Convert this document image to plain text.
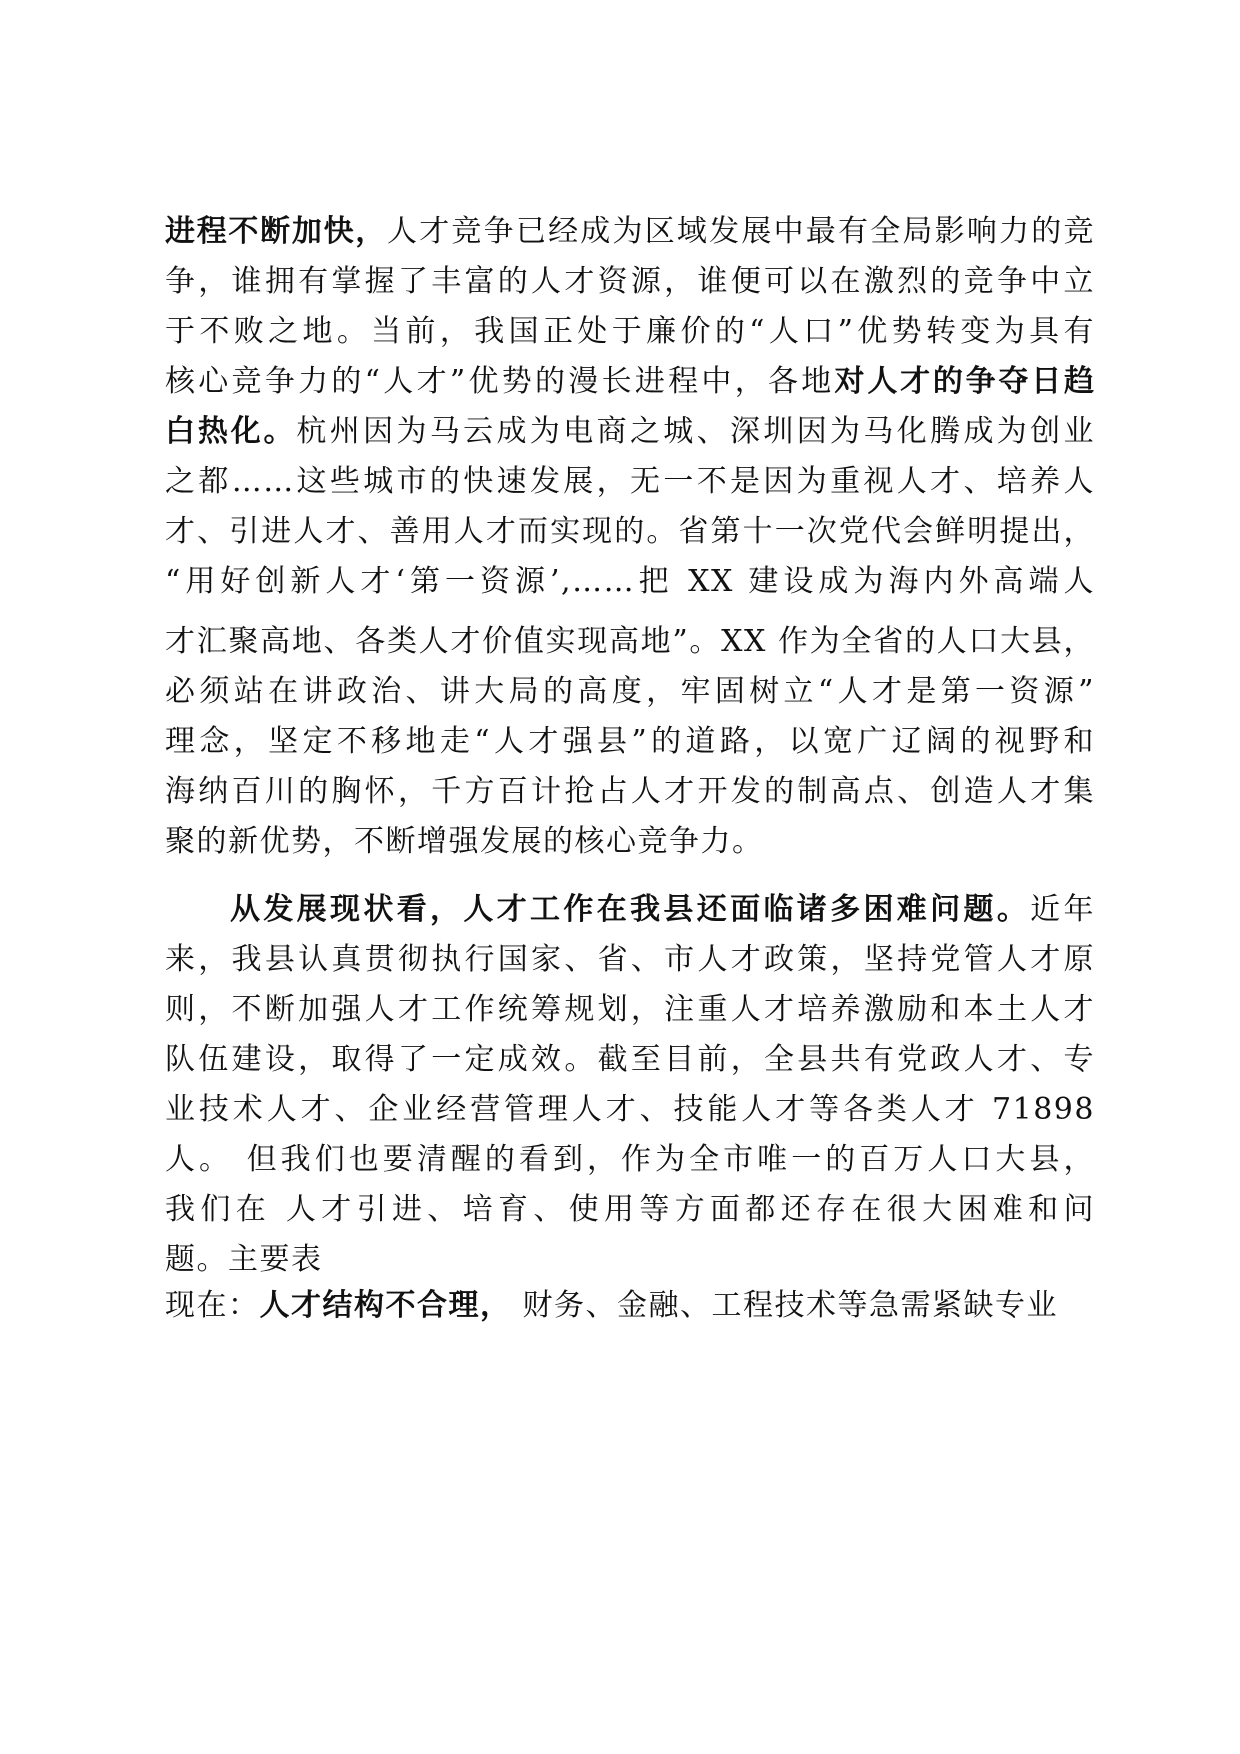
进程不断加快，人才竞争已经成为区域发展中最有全局影响力的竞
争，谁拥有掌握了丰富的人才资源，谁便可以在激烈的竞争中立
于不败之地。当前，我国正处于廉价的“人口”优势转变为具有
核心竞争力的“人才”优势的漫长进程中，各地对人才的争夺日趋
白热化。杭州因为马云成为电商之城、深圳因为马化腾成为创业
之都……这些城市的快速发展，无一不是因为重视人才、培养人
才、引进人才、善用人才而实现的。省第十一次党代会鲜明提出，
“用好创新人才‘第一资源’,……把 XX 建设成为海内外高端人
才汇聚高地、各类人才价值实现高地”。XX 作为全省的人口大县，
必须站在讲政治、讲大局的高度，牢固树立“人才是第一资源”
理念，坚定不移地走“人才强县”的道路，以宽广辽阔的视野和
海纳百川的胸怀，千方百计抢占人才开发的制高点、创造人才集
聚的新优势，不断增强发展的核心竞争力。
从发展现状看，人才工作在我县还面临诸多困难问题。近年
来，我县认真贯彻执行国家、省、市人才政策，坚持党管人才原
则，不断加强人才工作统筹规划，注重人才培养激励和本土人才
队伍建设，取得了一定成效。截至目前，全县共有党政人才、专
业技术人才、企业经营管理人才、技能人才等各类人才 71898
人。 但我们也要清醒的看到，作为全市唯一的百万人口大县，
我们在 人才引进、培育、使用等方面都还存在很大困难和问
题。主要表
现在：人才结构不合理， 财务、金融、工程技术等急需紧缺专业
